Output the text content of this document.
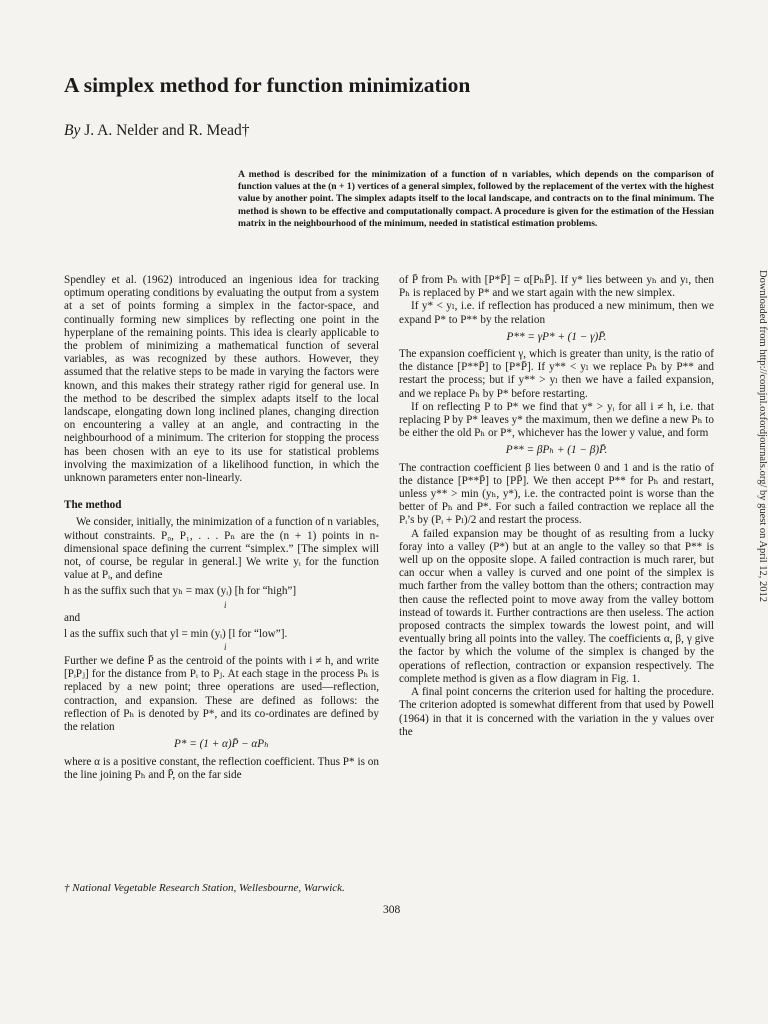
A simplex method for function minimization

By J. A. Nelder and R. Mead†

A method is described for the minimization of a function of n variables, which depends on the comparison of function values at the (n + 1) vertices of a general simplex, followed by the replacement of the vertex with the highest value by another point. The simplex adapts itself to the local landscape, and contracts on to the final minimum. The method is shown to be effective and computationally compact. A procedure is given for the estimation of the Hessian matrix in the neighbourhood of the minimum, needed in statistical estimation problems.

Spendley et al. (1962) introduced an ingenious idea for tracking optimum operating conditions by evaluating the output from a system at a set of points forming a simplex in the factor-space, and continually forming new simplices by reflecting one point in the hyperplane of the remaining points. This idea is clearly applicable to the problem of minimizing a mathematical function of several variables, as was recognized by these authors. However, they assumed that the relative steps to be made in varying the factors were known, and this makes their strategy rather rigid for general use. In the method to be described the simplex adapts itself to the local landscape, elongating down long inclined planes, changing direction on encountering a valley at an angle, and contracting in the neighbourhood of a minimum. The criterion for stopping the process has been chosen with an eye to its use for statistical problems involving the maximization of a likelihood function, in which the unknown parameters enter non-linearly.

The method

We consider, initially, the minimization of a function of n variables, without constraints. P₀, P₁, . . . Pₙ are the (n + 1) points in n-dimensional space defining the current “simplex.” [The simplex will not, of course, be regular in general.] We write yᵢ for the function value at Pᵢ, and define

h as the suffix such that yₕ = max (yᵢ) [h for “high”]

i

and

l as the suffix such that yl = min (yᵢ) [l for “low”].

i

Further we define P̄ as the centroid of the points with i ≠ h, and write [PᵢPⱼ] for the distance from Pᵢ to Pⱼ. At each stage in the process Pₕ is replaced by a new point; three operations are used—reflection, contraction, and expansion. These are defined as follows: the reflection of Pₕ is denoted by P*, and its co-ordinates are defined by the relation

P* = (1 + α)P̄ − αPₕ

where α is a positive constant, the reflection coefficient. Thus P* is on the line joining Pₕ and P̄, on the far side

of P̄ from Pₕ with [P*P̄] = α[PₕP̄]. If y* lies between yₕ and yₗ, then Pₕ is replaced by P* and we start again with the new simplex.

If y* < yₗ, i.e. if reflection has produced a new minimum, then we expand P* to P** by the relation

P** = γP* + (1 − γ)P̄.

The expansion coefficient γ, which is greater than unity, is the ratio of the distance [P**P̄] to [P*P̄]. If y** < yₗ we replace Pₕ by P** and restart the process; but if y** > yₗ then we have a failed expansion, and we replace Pₕ by P* before restarting.

If on reflecting P to P* we find that y* > yᵢ for all i ≠ h, i.e. that replacing P by P* leaves y* the maximum, then we define a new Pₕ to be either the old Pₕ or P*, whichever has the lower y value, and form

P** = βPₕ + (1 − β)P̄.

The contraction coefficient β lies between 0 and 1 and is the ratio of the distance [P**P̄] to [PP̄]. We then accept P** for Pₕ and restart, unless y** > min (yₕ, y*), i.e. the contracted point is worse than the better of Pₕ and P*. For such a failed contraction we replace all the Pᵢ’s by (Pᵢ + Pₗ)/2 and restart the process.

A failed expansion may be thought of as resulting from a lucky foray into a valley (P*) but at an angle to the valley so that P** is well up on the opposite slope. A failed contraction is much rarer, but can occur when a valley is curved and one point of the simplex is much farther from the valley bottom than the others; contraction may then cause the reflected point to move away from the valley bottom instead of towards it. Further contractions are then useless. The action proposed contracts the simplex towards the lowest point, and will eventually bring all points into the valley. The coefficients α, β, γ give the factor by which the volume of the simplex is changed by the operations of reflection, contraction or expansion respectively. The complete method is given as a flow diagram in Fig. 1.

A final point concerns the criterion used for halting the procedure. The criterion adopted is somewhat different from that used by Powell (1964) in that it is concerned with the variation in the y values over the

† National Vegetable Research Station, Wellesbourne, Warwick.

308

Downloaded from http://comjnl.oxfordjournals.org/ by guest on April 12, 2012
